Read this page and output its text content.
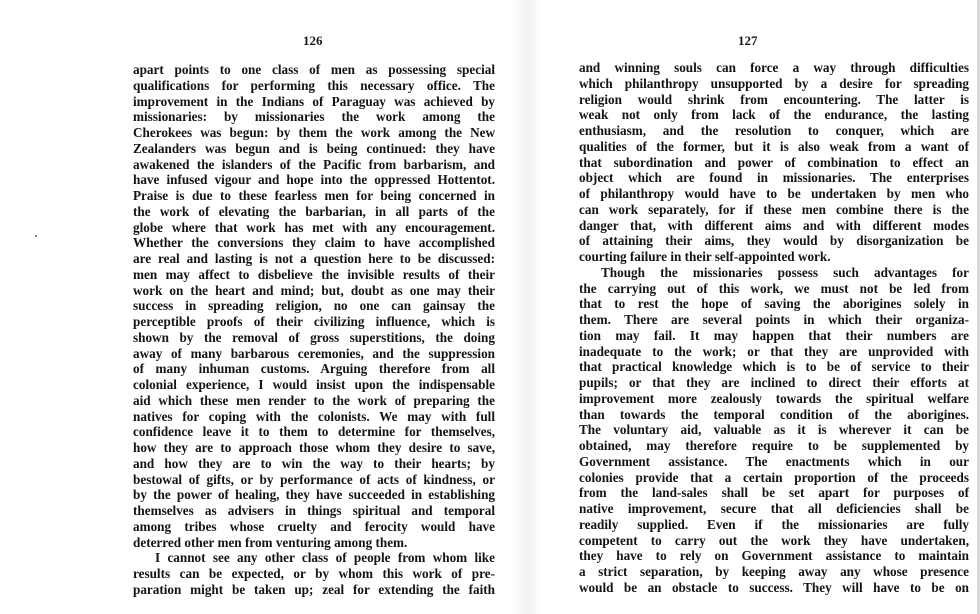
126
apart points to one class of men as possessing special
qualifications for performing this necessary office. The
improvement in the Indians of Paraguay was achieved by
missionaries: by missionaries the work among the
Cherokees was begun: by them the work among the New
Zealanders was begun and is being continued: they have
awakened the islanders of the Pacific from barbarism, and
have infused vigour and hope into the oppressed Hottentot.
Praise is due to these fearless men for being concerned in
the work of elevating the barbarian, in all parts of the
globe where that work has met with any encouragement.
Whether the conversions they claim to have accomplished
are real and lasting is not a question here to be discussed:
men may affect to disbelieve the invisible results of their
work on the heart and mind; but, doubt as one may their
success in spreading religion, no one can gainsay the
perceptible proofs of their civilizing influence, which is
shown by the removal of gross superstitions, the doing
away of many barbarous ceremonies, and the suppression
of many inhuman customs. Arguing therefore from all
colonial experience, I would insist upon the indispensable
aid which these men render to the work of preparing the
natives for coping with the colonists. We may with full
confidence leave it to them to determine for themselves,
how they are to approach those whom they desire to save,
and how they are to win the way to their hearts; by
bestowal of gifts, or by performance of acts of kindness, or
by the power of healing, they have succeeded in establishing
themselves as advisers in things spiritual and temporal
among tribes whose cruelty and ferocity would have
deterred other men from venturing among them.
I cannot see any other class of people from whom like
results can be expected, or by whom this work of pre-
paration might be taken up; zeal for extending the faith
127
and winning souls can force a way through difficulties
which philanthropy unsupported by a desire for spreading
religion would shrink from encountering. The latter is
weak not only from lack of the endurance, the lasting
enthusiasm, and the resolution to conquer, which are
qualities of the former, but it is also weak from a want of
that subordination and power of combination to effect an
object which are found in missionaries. The enterprises
of philanthropy would have to be undertaken by men who
can work separately, for if these men combine there is the
danger that, with different aims and with different modes
of attaining their aims, they would by disorganization be
courting failure in their self-appointed work.
Though the missionaries possess such advantages for
the carrying out of this work, we must not be led from
that to rest the hope of saving the aborigines solely in
them. There are several points in which their organiza-
tion may fail. It may happen that their numbers are
inadequate to the work; or that they are unprovided with
that practical knowledge which is to be of service to their
pupils; or that they are inclined to direct their efforts at
improvement more zealously towards the spiritual welfare
than towards the temporal condition of the aborigines.
The voluntary aid, valuable as it is wherever it can be
obtained, may therefore require to be supplemented by
Government assistance. The enactments which in our
colonies provide that a certain proportion of the proceeds
from the land-sales shall be set apart for purposes of
native improvement, secure that all deficiencies shall be
readily supplied. Even if the missionaries are fully
competent to carry out the work they have undertaken,
they have to rely on Government assistance to maintain
a strict separation, by keeping away any whose presence
would be an obstacle to success. They will have to be on
